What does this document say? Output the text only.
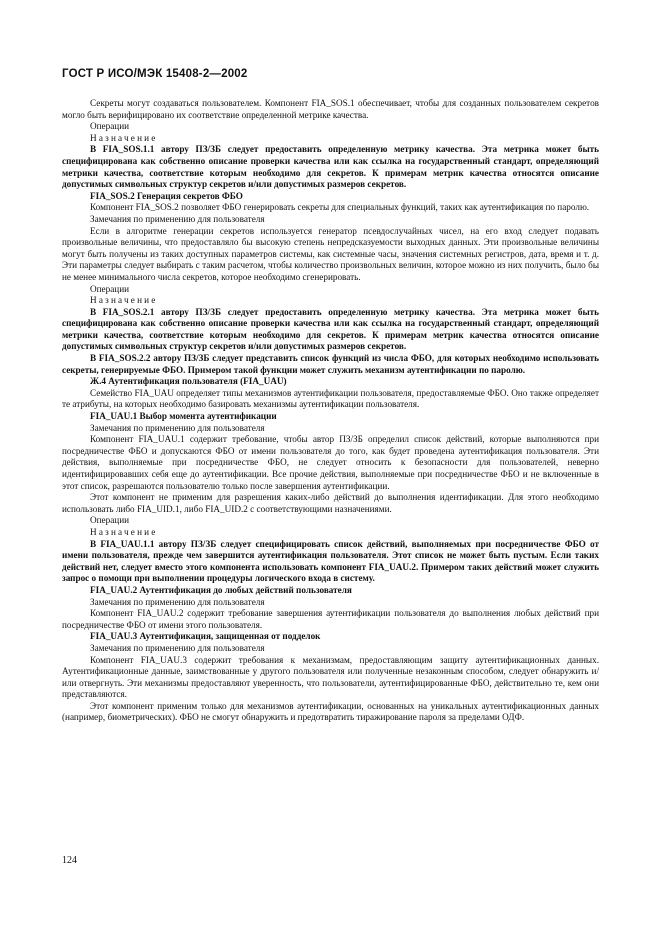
ГОСТ Р ИСО/МЭК 15408-2—2002

Секреты могут создаваться пользователем. Компонент FIA_SOS.1 обеспечивает, чтобы для созданных пользователем секретов могло быть верифицировано их соответствие определенной метрике качества.

Операции

Назначение

В FIA_SOS.1.1 автору ПЗ/ЗБ следует предоставить определенную метрику качества. Эта метрика может быть специфицирована как собственно описание проверки качества или как ссылка на государственный стандарт, определяющий метрики качества, соответствие которым необходимо для секретов. К примерам метрик качества относятся описание допустимых символьных структур секретов и/или допустимых размеров секретов.

FIA_SOS.2 Генерация секретов ФБО

Компонент FIA_SOS.2 позволяет ФБО генерировать секреты для специальных функций, таких как аутентификация по паролю.

Замечания по применению для пользователя

Если в алгоритме генерации секретов используется генератор псевдослучайных чисел, на его вход следует подавать произвольные величины, что предоставляло бы высокую степень непредсказуемости выходных данных. Эти произвольные величины могут быть получены из таких доступных параметров системы, как системные часы, значения системных регистров, дата, время и т. д. Эти параметры следует выбирать с таким расчетом, чтобы количество произвольных величин, которое можно из них получить, было бы не менее минимального числа секретов, которое необходимо сгенерировать.

Операции

Назначение

В FIA_SOS.2.1 автору ПЗ/ЗБ следует предоставить определенную метрику качества. Эта метрика может быть специфицирована как собственно описание проверки качества или как ссылка на государственный стандарт, определяющий метрики качества, соответствие которым необходимо для секретов. К примерам метрик качества относятся описание допустимых символьных структур секретов и/или допустимых размеров секретов.

В FIA_SOS.2.2 автору ПЗ/ЗБ следует представить список функций из числа ФБО, для которых необходимо использовать секреты, генерируемые ФБО. Примером такой функции может служить механизм аутентификации по паролю.

Ж.4 Аутентификация пользователя (FIA_UAU)

Семейство FIA_UAU определяет типы механизмов аутентификации пользователя, предоставляемые ФБО. Оно также определяет те атрибуты, на которых необходимо базировать механизмы аутентификации пользователя.

FIA_UAU.1 Выбор момента аутентификации

Замечания по применению для пользователя

Компонент FIA_UAU.1 содержит требование, чтобы автор ПЗ/ЗБ определил список действий, которые выполняются при посредничестве ФБО и допускаются ФБО от имени пользователя до того, как будет проведена аутентификация пользователя. Эти действия, выполняемые при посредничестве ФБО, не следует относить к безопасности для пользователей, неверно идентифицировавших себя еще до аутентификации. Все прочие действия, выполняемые при посредничестве ФБО и не включенные в этот список, разрешаются пользователю только после завершения аутентификации.

Этот компонент не применим для разрешения каких-либо действий до выполнения идентификации. Для этого необходимо использовать либо FIA_UID.1, либо FIA_UID.2 с соответствующими назначениями.

Операции

Назначение

В FIA_UAU.1.1 автору ПЗ/ЗБ следует специфицировать список действий, выполняемых при посредничестве ФБО от имени пользователя, прежде чем завершится аутентификация пользователя. Этот список не может быть пустым. Если таких действий нет, следует вместо этого компонента использовать компонент FIA_UAU.2. Примером таких действий может служить запрос о помощи при выполнении процедуры логического входа в систему.

FIA_UAU.2 Аутентификация до любых действий пользователя

Замечания по применению для пользователя

Компонент FIA_UAU.2 содержит требование завершения аутентификации пользователя до выполнения любых действий при посредничестве ФБО от имени этого пользователя.

FIA_UAU.3 Аутентификация, защищенная от подделок

Замечания по применению для пользователя

Компонент FIA_UAU.3 содержит требования к механизмам, предоставляющим защиту аутентификационных данных. Аутентификационные данные, заимствованные у другого пользователя или полученные незаконным способом, следует обнаружить и/или отвергнуть. Эти механизмы предоставляют уверенность, что пользователи, аутентифицированные ФБО, действительно те, кем они представляются.

Этот компонент применим только для механизмов аутентификации, основанных на уникальных аутентификационных данных (например, биометрических). ФБО не смогут обнаружить и предотвратить тиражирование пароля за пределами ОДФ.

124
